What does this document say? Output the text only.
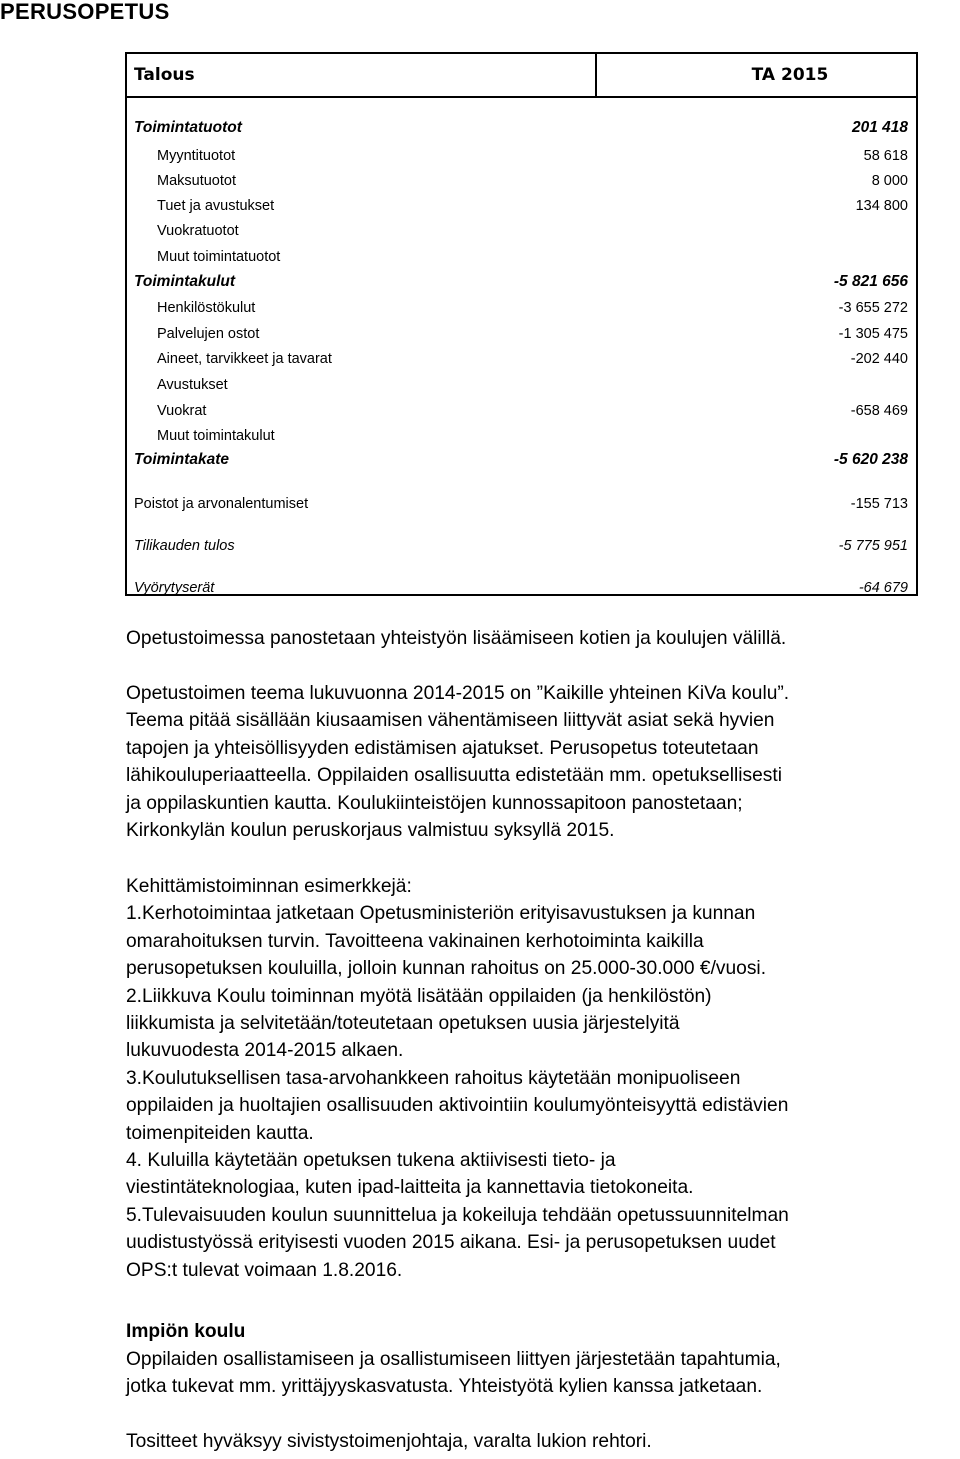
PERUSOPETUS
Talous	TA 2015
Toimintatuotot	201 418
Myyntituotot	58 618
Maksutuotot	8 000
Tuet ja avustukset	134 800
Vuokratuotot
Muut toimintatuotot
Toimintakulut	-5 821 656
Henkilöstökulut	-3 655 272
Palvelujen ostot	-1 305 475
Aineet, tarvikkeet ja tavarat	-202 440
Avustukset
Vuokrat	-658 469
Muut toimintakulut
Toimintakate	-5 620 238
Poistot ja arvonalentumiset	-155 713
Tilikauden tulos	-5 775 951
Vyörytyserät	-64 679

Opetustoimessa panostetaan yhteistyön lisäämiseen kotien ja koulujen välillä.

Opetustoimen teema lukuvuonna 2014-2015 on ”Kaikille yhteinen KiVa koulu”.
Teema pitää sisällään kiusaamisen vähentämiseen liittyvät asiat sekä hyvien
tapojen ja yhteisöllisyyden edistämisen ajatukset. Perusopetus toteutetaan
lähikouluperiaatteella. Oppilaiden osallisuutta edistetään mm. opetuksellisesti
ja oppilaskuntien kautta. Koulukiinteistöjen kunnossapitoon panostetaan;
Kirkonkylän koulun peruskorjaus valmistuu syksyllä 2015.

Kehittämistoiminnan esimerkkejä:
1.Kerhotoimintaa jatketaan Opetusministeriön erityisavustuksen ja kunnan
omarahoituksen turvin. Tavoitteena vakinainen kerhotoiminta kaikilla
perusopetuksen kouluilla, jolloin kunnan rahoitus on 25.000-30.000 €/vuosi.
2.Liikkuva Koulu toiminnan myötä lisätään oppilaiden (ja henkilöstön)
liikkumista ja selvitetään/toteutetaan opetuksen uusia järjestelyitä
lukuvuodesta 2014-2015 alkaen.
3.Koulutuksellisen tasa-arvohankkeen rahoitus käytetään monipuoliseen
oppilaiden ja huoltajien osallisuuden aktivointiin koulumyönteisyyttä edistävien
toimenpiteiden kautta.
4. Kuluilla käytetään opetuksen tukena aktiivisesti tieto- ja
viestintäteknologiaa, kuten ipad-laitteita ja kannettavia tietokoneita.
5.Tulevaisuuden koulun suunnittelua ja kokeiluja tehdään opetussuunnitelman
uudistustyössä erityisesti vuoden 2015 aikana. Esi- ja perusopetuksen uudet
OPS:t tulevat voimaan 1.8.2016.

Impiön koulu

Oppilaiden osallistamiseen ja osallistumiseen liittyen järjestetään tapahtumia,
jotka tukevat mm. yrittäjyyskasvatusta. Yhteistyötä kylien kanssa jatketaan.

Tositteet hyväksyy sivistystoimenjohtaja, varalta lukion rehtori.
